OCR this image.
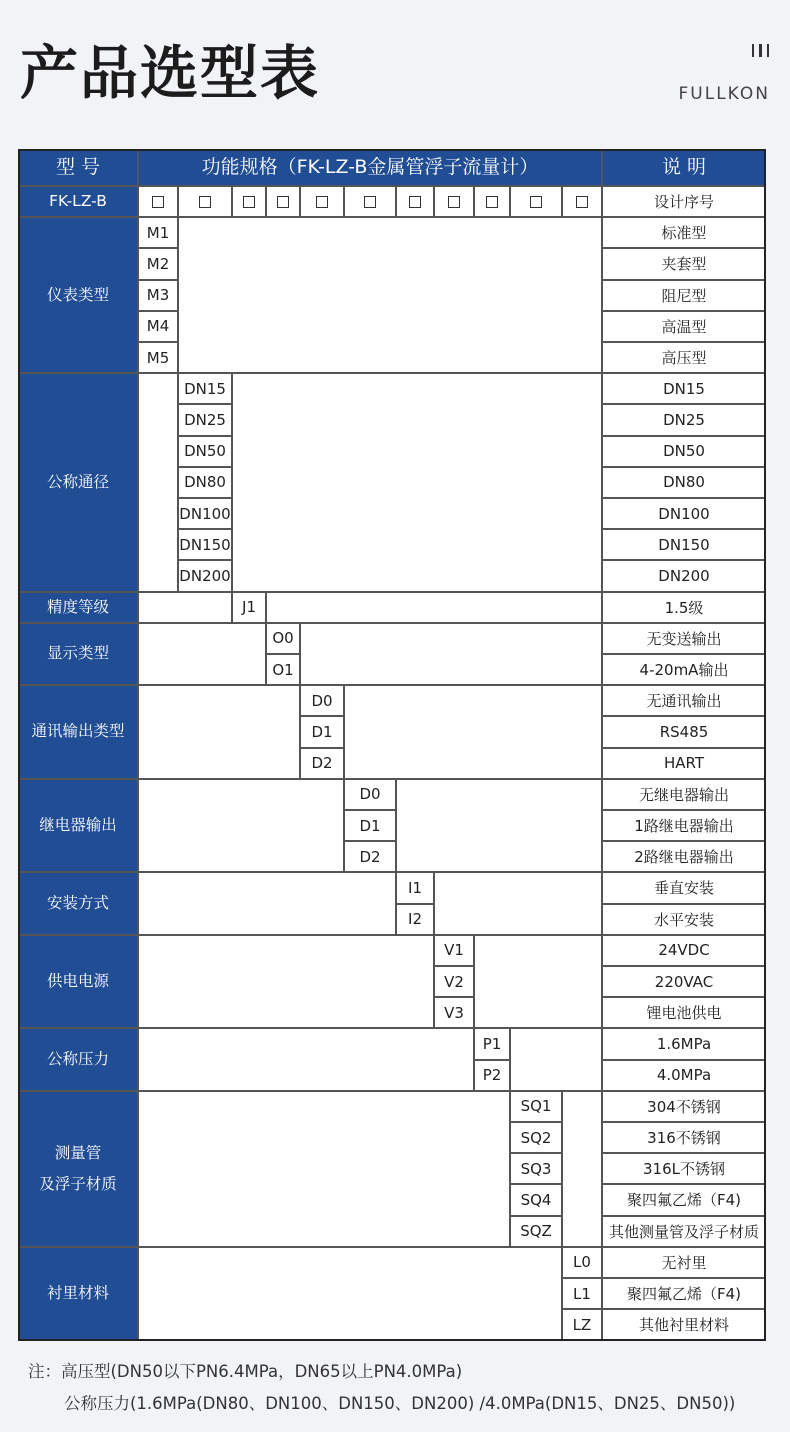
产品选型表	FULLKON
型 号	功能规格（FK-LZ-B金属管浮子流量计）	说 明
FK-LZ-B	设计序号
仪表类型
M1	标准型
M2	夹套型
M3	阻尼型
M4	高温型
M5	高压型
公称通径
DN15	DN15
DN25	DN25
DN50	DN50
DN80	DN80
DN100	DN100
DN150	DN150
DN200	DN200
精度等级	J1	1.5级
显示类型
O0	无变送输出
O1	4-20mA输出
通讯输出类型
D0	无通讯输出
D1	RS485
D2	HART
继电器输出
D0	无继电器输出
D1	1路继电器输出
D2	2路继电器输出
安装方式
I1	垂直安装
I2	水平安装
供电电源
V1	24VDC
V2	220VAC
V3	锂电池供电
公称压力
P1	1.6MPa
P2	4.0MPa
测量管
及浮子材质
SQ1	304不锈钢
SQ2	316不锈钢
SQ3	316L不锈钢
SQ4	聚四氟乙烯（F4)
SQZ	其他测量管及浮子材质
衬里材料
L0	无衬里
L1	聚四氟乙烯（F4)
LZ	其他衬里材料
注：高压型(DN50以下PN6.4MPa，DN65以上PN4.0MPa)
公称压力(1.6MPa(DN80、DN100、DN150、DN200) /4.0MPa(DN15、DN25、DN50))
